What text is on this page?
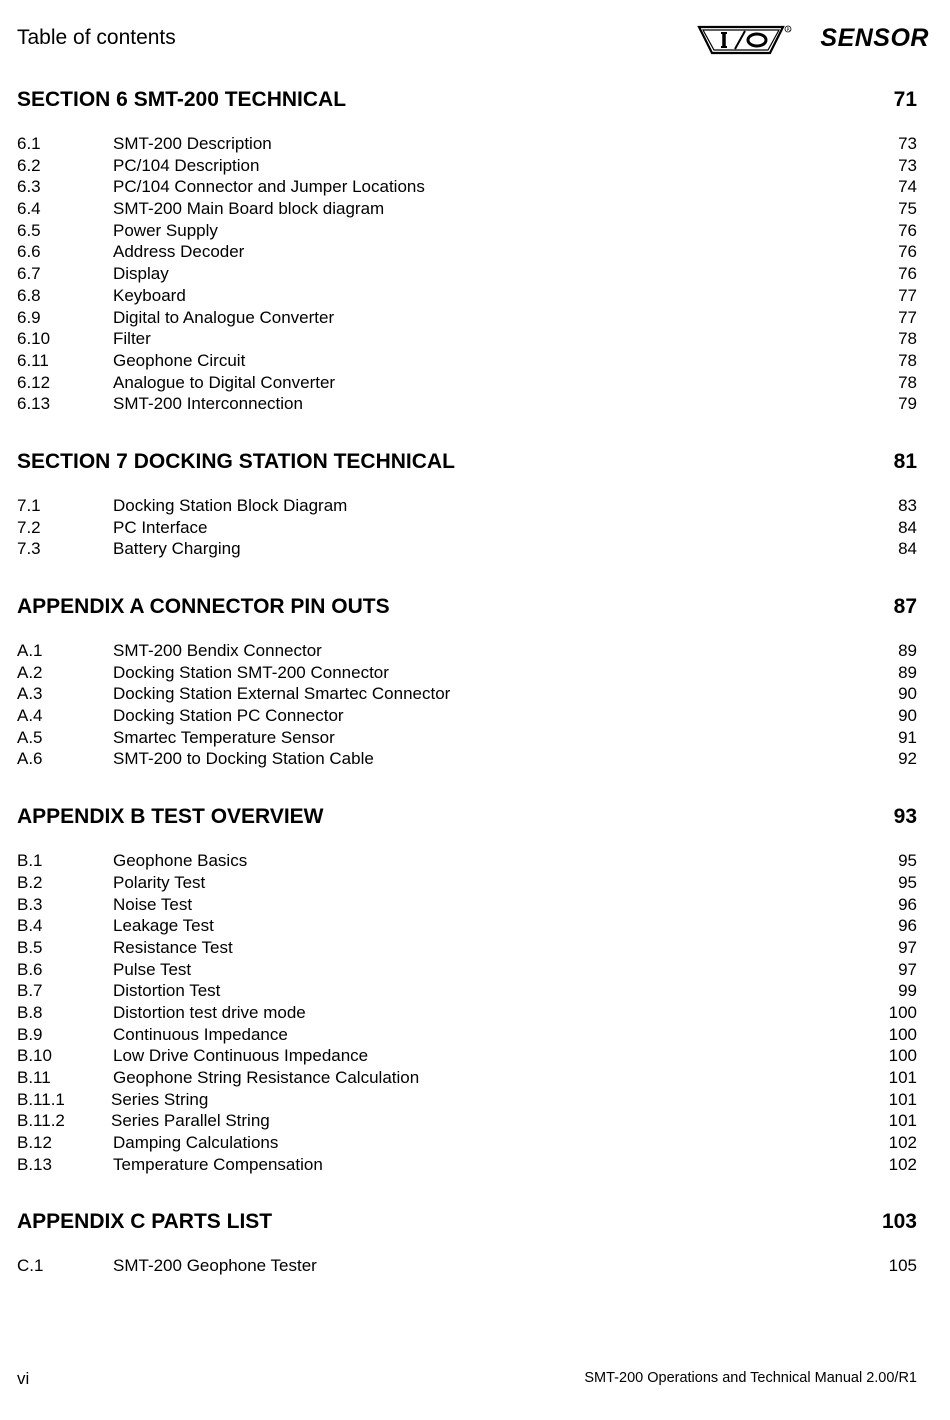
Table of contents	R SENSOR
SECTION 6 SMT-200 TECHNICAL	71
6.1	SMT-200 Description	73
6.2	PC/104 Description	73
6.3	PC/104 Connector and Jumper Locations	74
6.4	SMT-200 Main Board block diagram	75
6.5	Power Supply	76
6.6	Address Decoder	76
6.7	Display	76
6.8	Keyboard	77
6.9	Digital to Analogue Converter	77
6.10	Filter	78
6.11	Geophone Circuit	78
6.12	Analogue to Digital Converter	78
6.13	SMT-200 Interconnection	79
SECTION 7 DOCKING STATION TECHNICAL	81
7.1	Docking Station Block Diagram	83
7.2	PC Interface	84
7.3	Battery Charging	84
APPENDIX A CONNECTOR PIN OUTS	87
A.1	SMT-200 Bendix Connector	89
A.2	Docking Station SMT-200 Connector	89
A.3	Docking Station External Smartec Connector	90
A.4	Docking Station PC Connector	90
A.5	Smartec Temperature Sensor	91
A.6	SMT-200 to Docking Station Cable	92
APPENDIX B TEST OVERVIEW	93
B.1	Geophone Basics	95
B.2	Polarity Test	95
B.3	Noise Test	96
B.4	Leakage Test	96
B.5	Resistance Test	97
B.6	Pulse Test	97
B.7	Distortion Test	99
B.8	Distortion test drive mode	100
B.9	Continuous Impedance	100
B.10	Low Drive Continuous Impedance	100
B.11	Geophone String Resistance Calculation	101
B.11.1	Series String	101
B.11.2	Series Parallel String	101
B.12	Damping Calculations	102
B.13	Temperature Compensation	102
APPENDIX C PARTS LIST	103
C.1	SMT-200 Geophone Tester	105
vi	SMT-200 Operations and Technical Manual 2.00/R1
